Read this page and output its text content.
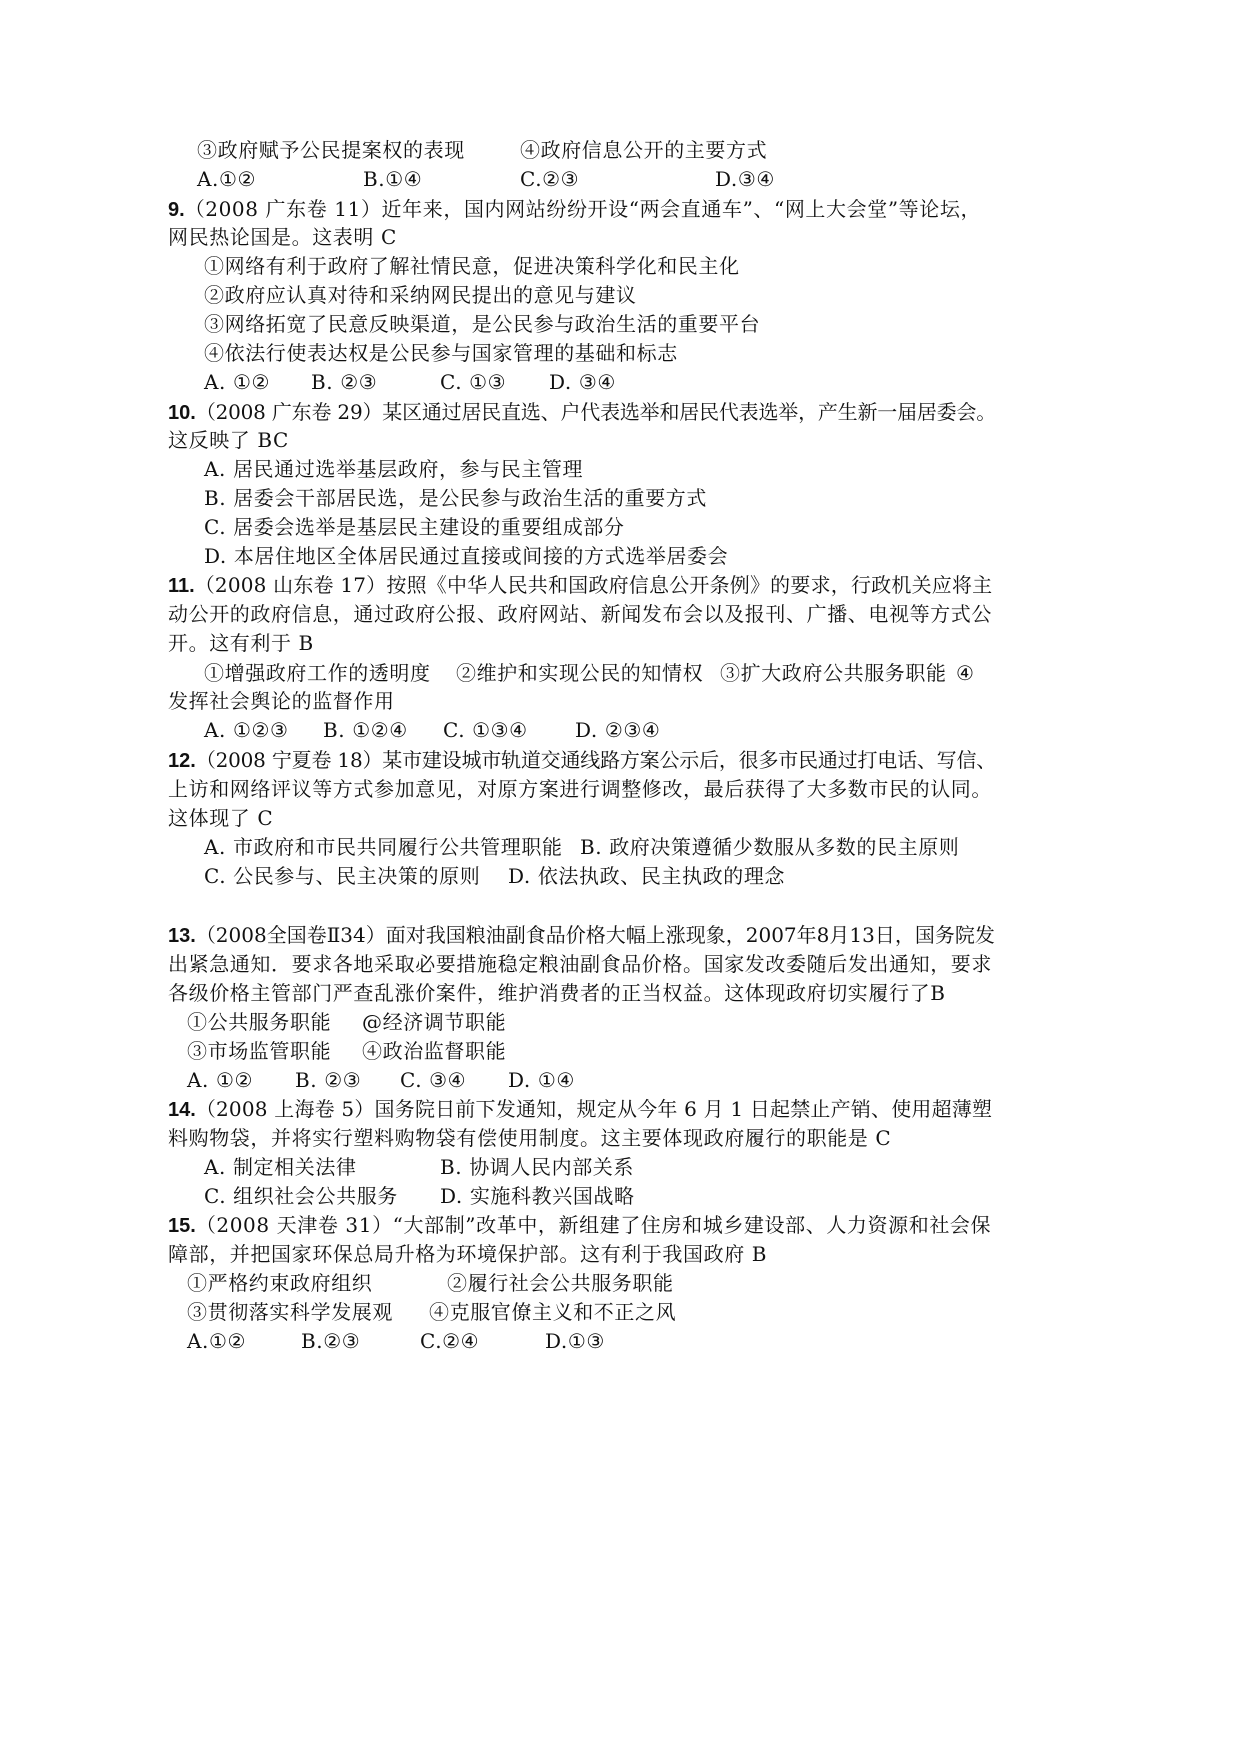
③政府赋予公民提案权的表现	④政府信息公开的主要方式
A.①②	B.①④	C.②③	D.③④
9.（2008 广东卷 11）近年来，国内网站纷纷开设“两会直通车”、“网上大会堂”等论坛，
网民热论国是。这表明 C
①网络有利于政府了解社情民意，促进决策科学化和民主化
②政府应认真对待和采纳网民提出的意见与建议
③网络拓宽了民意反映渠道，是公民参与政治生活的重要平台
④依法行使表达权是公民参与国家管理的基础和标志
A. ①② B. ②③	C. ①③ D. ③④
10.（2008 广东卷 29）某区通过居民直选、户代表选举和居民代表选举，产生新一届居委会。
这反映了 BC
A. 居民通过选举基层政府，参与民主管理
B. 居委会干部居民选，是公民参与政治生活的重要方式
C. 居委会选举是基层民主建设的重要组成部分
D. 本居住地区全体居民通过直接或间接的方式选举居委会
11.（2008 山东卷 17）按照《中华人民共和国政府信息公开条例》的要求，行政机关应将主
动公开的政府信息，通过政府公报、政府网站、新闻发布会以及报刊、广播、电视等方式公
开。这有利于 B
①增强政府工作的透明度 ②维护和实现公民的知情权 ③扩大政府公共服务职能 ④
发挥社会舆论的监督作用
A. ①②③ B. ①②④ C. ①③④ D. ②③④
12.（2008 宁夏卷 18）某市建设城市轨道交通线路方案公示后，很多市民通过打电话、写信、
上访和网络评议等方式参加意见，对原方案进行调整修改，最后获得了大多数市民的认同。
这体现了 C
A. 市政府和市民共同履行公共管理职能 B. 政府决策遵循少数服从多数的民主原则
C. 公民参与、民主决策的原则 D. 依法执政、民主执政的理念
13.（2008全国卷Ⅱ34）面对我国粮油副食品价格大幅上涨现象，2007年8月13日，国务院发
出紧急通知．要求各地采取必要措施稳定粮油副食品价格。国家发改委随后发出通知，要求
各级价格主管部门严查乱涨价案件，维护消费者的正当权益。这体现政府切实履行了B
①公共服务职能 @经济调节职能
③市场监管职能 ④政治监督职能
A. ①② B. ②③ C. ③④ D. ①④
14.（2008 上海卷 5）国务院日前下发通知，规定从今年 6 月 1 日起禁止产销、使用超薄塑
料购物袋，并将实行塑料购物袋有偿使用制度。这主要体现政府履行的职能是 C
A. 制定相关法律	B. 协调人民内部关系
C. 组织社会公共服务 D. 实施科教兴国战略
15.（2008 天津卷 31）“大部制”改革中，新组建了住房和城乡建设部、人力资源和社会保
障部，并把国家环保总局升格为环境保护部。这有利于我国政府 B
①严格约束政府组织	②履行社会公共服务职能
③贯彻落实科学发展观 ④克服官僚主义和不正之风
A.①②	B.②③	C.②④	D.①③
